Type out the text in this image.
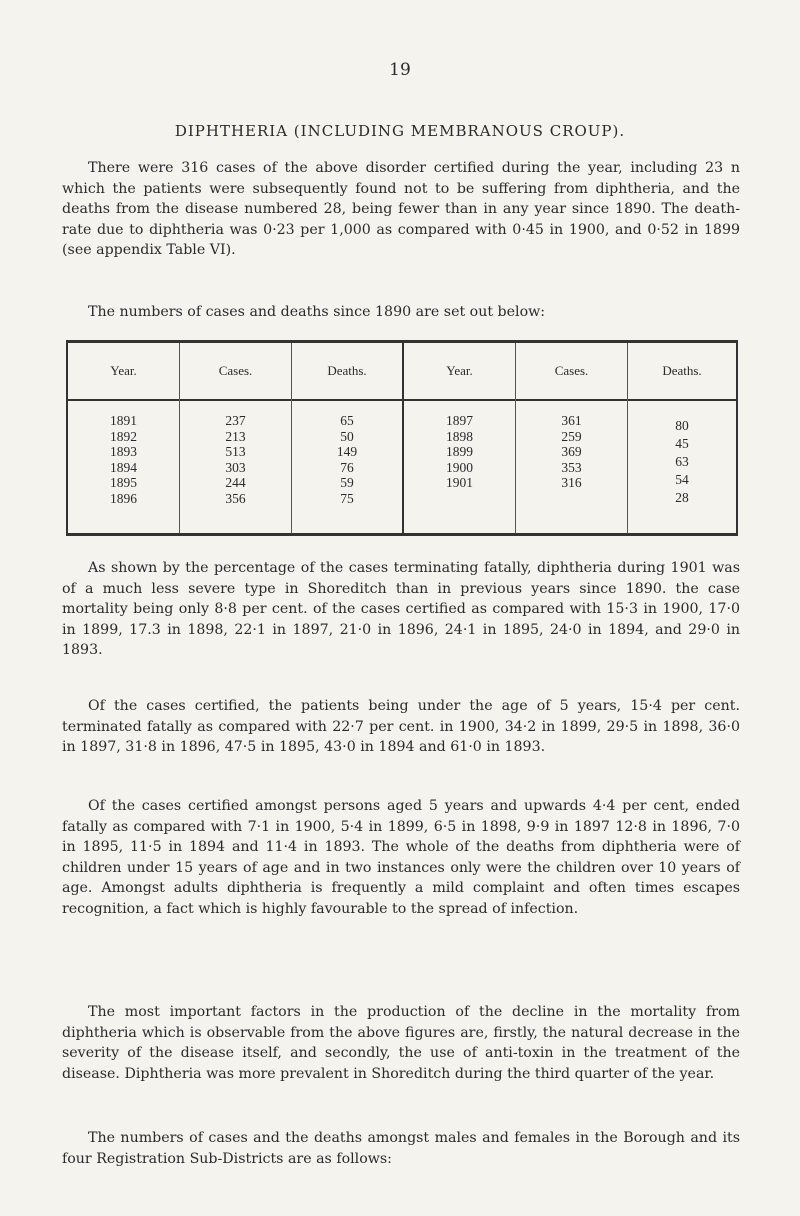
19
DIPHTHERIA (INCLUDING MEMBRANOUS CROUP).

There were 316 cases of the above disorder certified during the year, including 23 n which the patients were subsequently found not to be suffering from diphtheria, and the deaths from the disease numbered 28, being fewer than in any year since 1890. The death-rate due to diphtheria was 0·23 per 1,000 as compared with 0·45 in 1900, and 0·52 in 1899 (see appendix Table VI).

The numbers of cases and deaths since 1890 are set out below:

Year.
1891
1892
1893
1894
1895
1896
Cases.
237
213
513
303
244
356
Deaths.
65
50
149
76
59
75
Year.
1897
1898
1899
1900
1901
Cases.
361
259
369
353
316
Deaths.
80
45
63
54
28

As shown by the percentage of the cases terminating fatally, diphtheria during 1901 was of a much less severe type in Shoreditch than in previous years since 1890. the case mortality being only 8·8 per cent. of the cases certified as compared with 15·3 in 1900, 17·0 in 1899, 17.3 in 1898, 22·1 in 1897, 21·0 in 1896, 24·1 in 1895, 24·0 in 1894, and 29·0 in 1893.

Of the cases certified, the patients being under the age of 5 years, 15·4 per cent. terminated fatally as compared with 22·7 per cent. in 1900, 34·2 in 1899, 29·5 in 1898, 36·0 in 1897, 31·8 in 1896, 47·5 in 1895, 43·0 in 1894 and 61·0 in 1893.

Of the cases certified amongst persons aged 5 years and upwards 4·4 per cent, ended fatally as compared with 7·1 in 1900, 5·4 in 1899, 6·5 in 1898, 9·9 in 1897 12·8 in 1896, 7·0 in 1895, 11·5 in 1894 and 11·4 in 1893. The whole of the deaths from diphtheria were of children under 15 years of age and in two instances only were the children over 10 years of age. Amongst adults diphtheria is frequently a mild complaint and often times escapes recognition, a fact which is highly favourable to the spread of infection.

The most important factors in the production of the decline in the mortality from diphtheria which is observable from the above figures are, firstly, the natural decrease in the severity of the disease itself, and secondly, the use of anti-toxin in the treatment of the disease. Diphtheria was more prevalent in Shoreditch during the third quarter of the year.

The numbers of cases and the deaths amongst males and females in the Borough and its four Registration Sub-Districts are as follows:
